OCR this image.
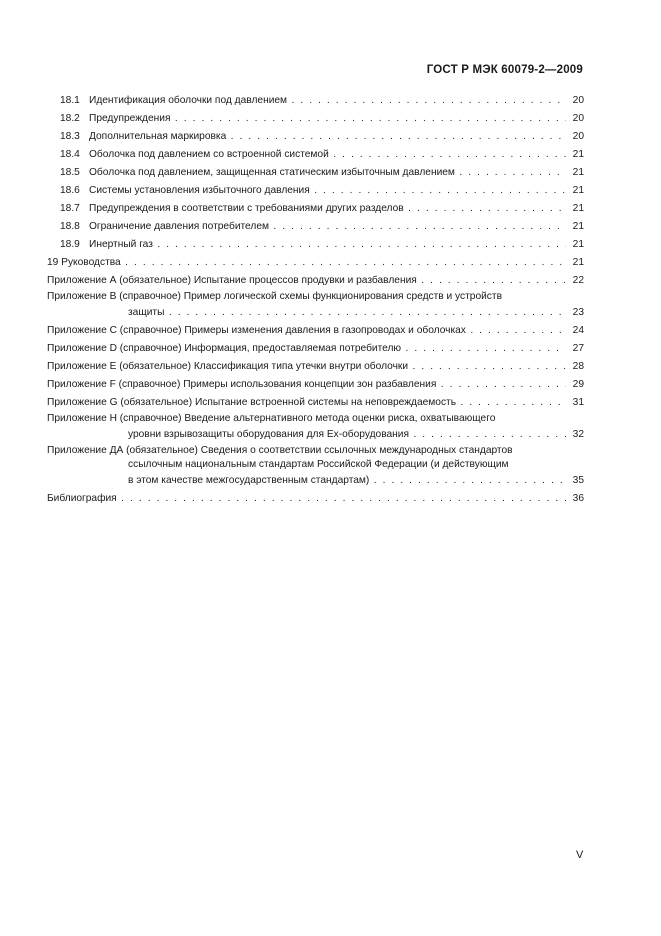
ГОСТ Р МЭК 60079-2—2009
18.1 Идентификация оболочки под давлением . . .	20
18.2 Предупреждения . . .	20
18.3 Дополнительная маркировка . . .	20
18.4 Оболочка под давлением со встроенной системой . . .	21
18.5 Оболочка под давлением, защищенная статическим избыточным давлением . . .	21
18.6 Системы установления избыточного давления . . .	21
18.7 Предупреждения в соответствии с требованиями других разделов . . .	21
18.8 Ограничение давления потребителем . . .	21
18.9 Инертный газ . . .	21
19 Руководства . . .	21
Приложение А (обязательное) Испытание процессов продувки и разбавления . . .	22
Приложение В (справочное) Пример логической схемы функционирования средств и устройств
защиты . . .	23
Приложение С (справочное) Примеры изменения давления в газопроводах и оболочках . . .	24
Приложение D (справочное) Информация, предоставляемая потребителю . . .	27
Приложение Е (обязательное) Классификация типа утечки внутри оболочки . . .	28
Приложение F (справочное) Примеры использования концепции зон разбавления . . .	29
Приложение G (обязательное) Испытание встроенной системы на неповреждаемость . . .	31
Приложение Н (справочное) Введение альтернативного метода оценки риска, охватывающего
уровни взрывозащиты оборудования для Ex-оборудования . . .	32
Приложение ДА (обязательное) Сведения о соответствии ссылочных международных стандартов
ссылочным национальным стандартам Российской Федерации (и действующим
в этом качестве межгосударственным стандартам) . . .	35
Библиография . . .	36
V
